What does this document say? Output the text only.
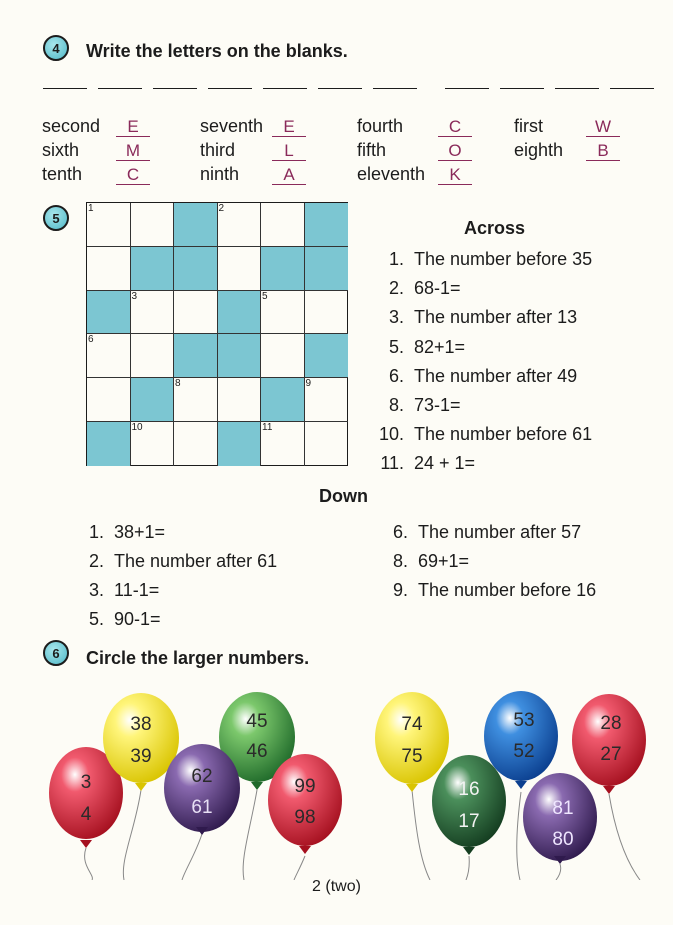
4	Write the letters on the blanks.
second	E	seventh	E	fourth	C	first	W
sixth	M	third	L	fifth	O	eighth	B
tenth	C	ninth	A	eleventh	K
5
1	2
3	5
6
8	9
10	11
Across
1. The number before 35
2. 68-1=
3. The number after 13
5. 82+1=
6. The number after 49
8. 73-1=
10. The number before 61
11. 24 + 1=
Down
1. 38+1=
2. The number after 61
3. 11-1=
5. 90-1=
6. The number after 57
8. 69+1=
9. The number before 16
6	Circle the larger numbers.
3
4
38
39
45
46
62
61
99
98
74
75
53
52
16
17
28
27
81
80
2 (two)
